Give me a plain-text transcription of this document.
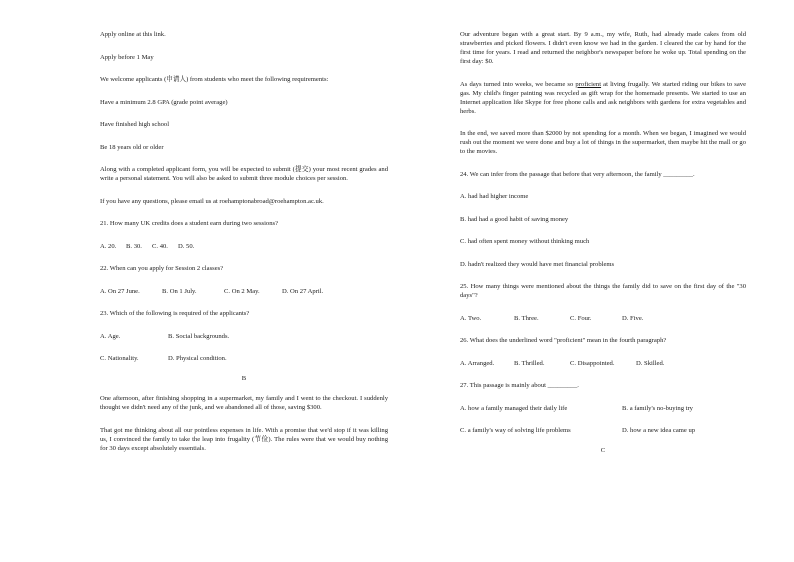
Apply online at this link.

Apply before 1 May

We welcome applicants (申请人) from students who meet the following requirements:

Have a minimum 2.8 GPA (grade point average)

Have finished high school

Be 18 years old or older

Along with a completed applicant form, you will be expected to submit (提交) your most recent grades and write a personal statement. You will also be asked to submit three module choices per session.

If you have any questions, please email us at roehamptonabroad@roehampton.ac.uk.

21. How many UK credits does a student earn during two sessions?

A. 20.	B. 30.	C. 40.	D. 50.

22. When can you apply for Session 2 classes?

A. On 27 June.	B. On 1 July.	C. On 2 May.	D. On 27 April.

23. Which of the following is required of the applicants?

A. Age.	B. Social backgrounds.
C. Nationality.	D. Physical condition.

B

One afternoon, after finishing shopping in a supermarket, my family and I went to the checkout. I suddenly thought we didn't need any of the junk, and we abandoned all of those, saving $300.

That got me thinking about all our pointless expenses in life. With a promise that we'd stop if it was killing us, I convinced the family to take the leap into frugality (节俭). The rules were that we would buy nothing for 30 days except absolutely essentials.

Our adventure began with a great start. By 9 a.m., my wife, Ruth, had already made cakes from old strawberries and picked flowers. I didn't even know we had in the garden. I cleared the car by hand for the first time for years. I read and returned the neighbor's newspaper before he woke up. Total spending on the first day: $0.

As days turned into weeks, we became so proficient at living frugally. We started riding our bikes to save gas. My child's finger painting was recycled as gift wrap for the homemade presents. We started to use an Internet application like Skype for free phone calls and ask neighbors with gardens for extra vegetables and herbs.

In the end, we saved more than $2000 by not spending for a month. When we began, I imagined we would rush out the moment we were done and buy a lot of things in the supermarket, then maybe hit the mall or go to the movies.

24. We can infer from the passage that before that very afternoon, the family _________.

A. had had higher income

B. had had a good habit of saving money

C. had often spent money without thinking much

D. hadn't realized they would have met financial problems

25. How many things were mentioned about the things the family did to save on the first day of the "30 days"?

A. Two.	B. Three.	C. Four.	D. Five.

26. What does the underlined word "proficient" mean in the fourth paragraph?

A. Arranged.	B. Thrilled.	C. Disappointed.	D. Skilled.

27. This passage is mainly about _________.

A. how a family managed their daily life	B. a family's no-buying try
C. a family's way of solving life problems	D. how a new idea came up

C
